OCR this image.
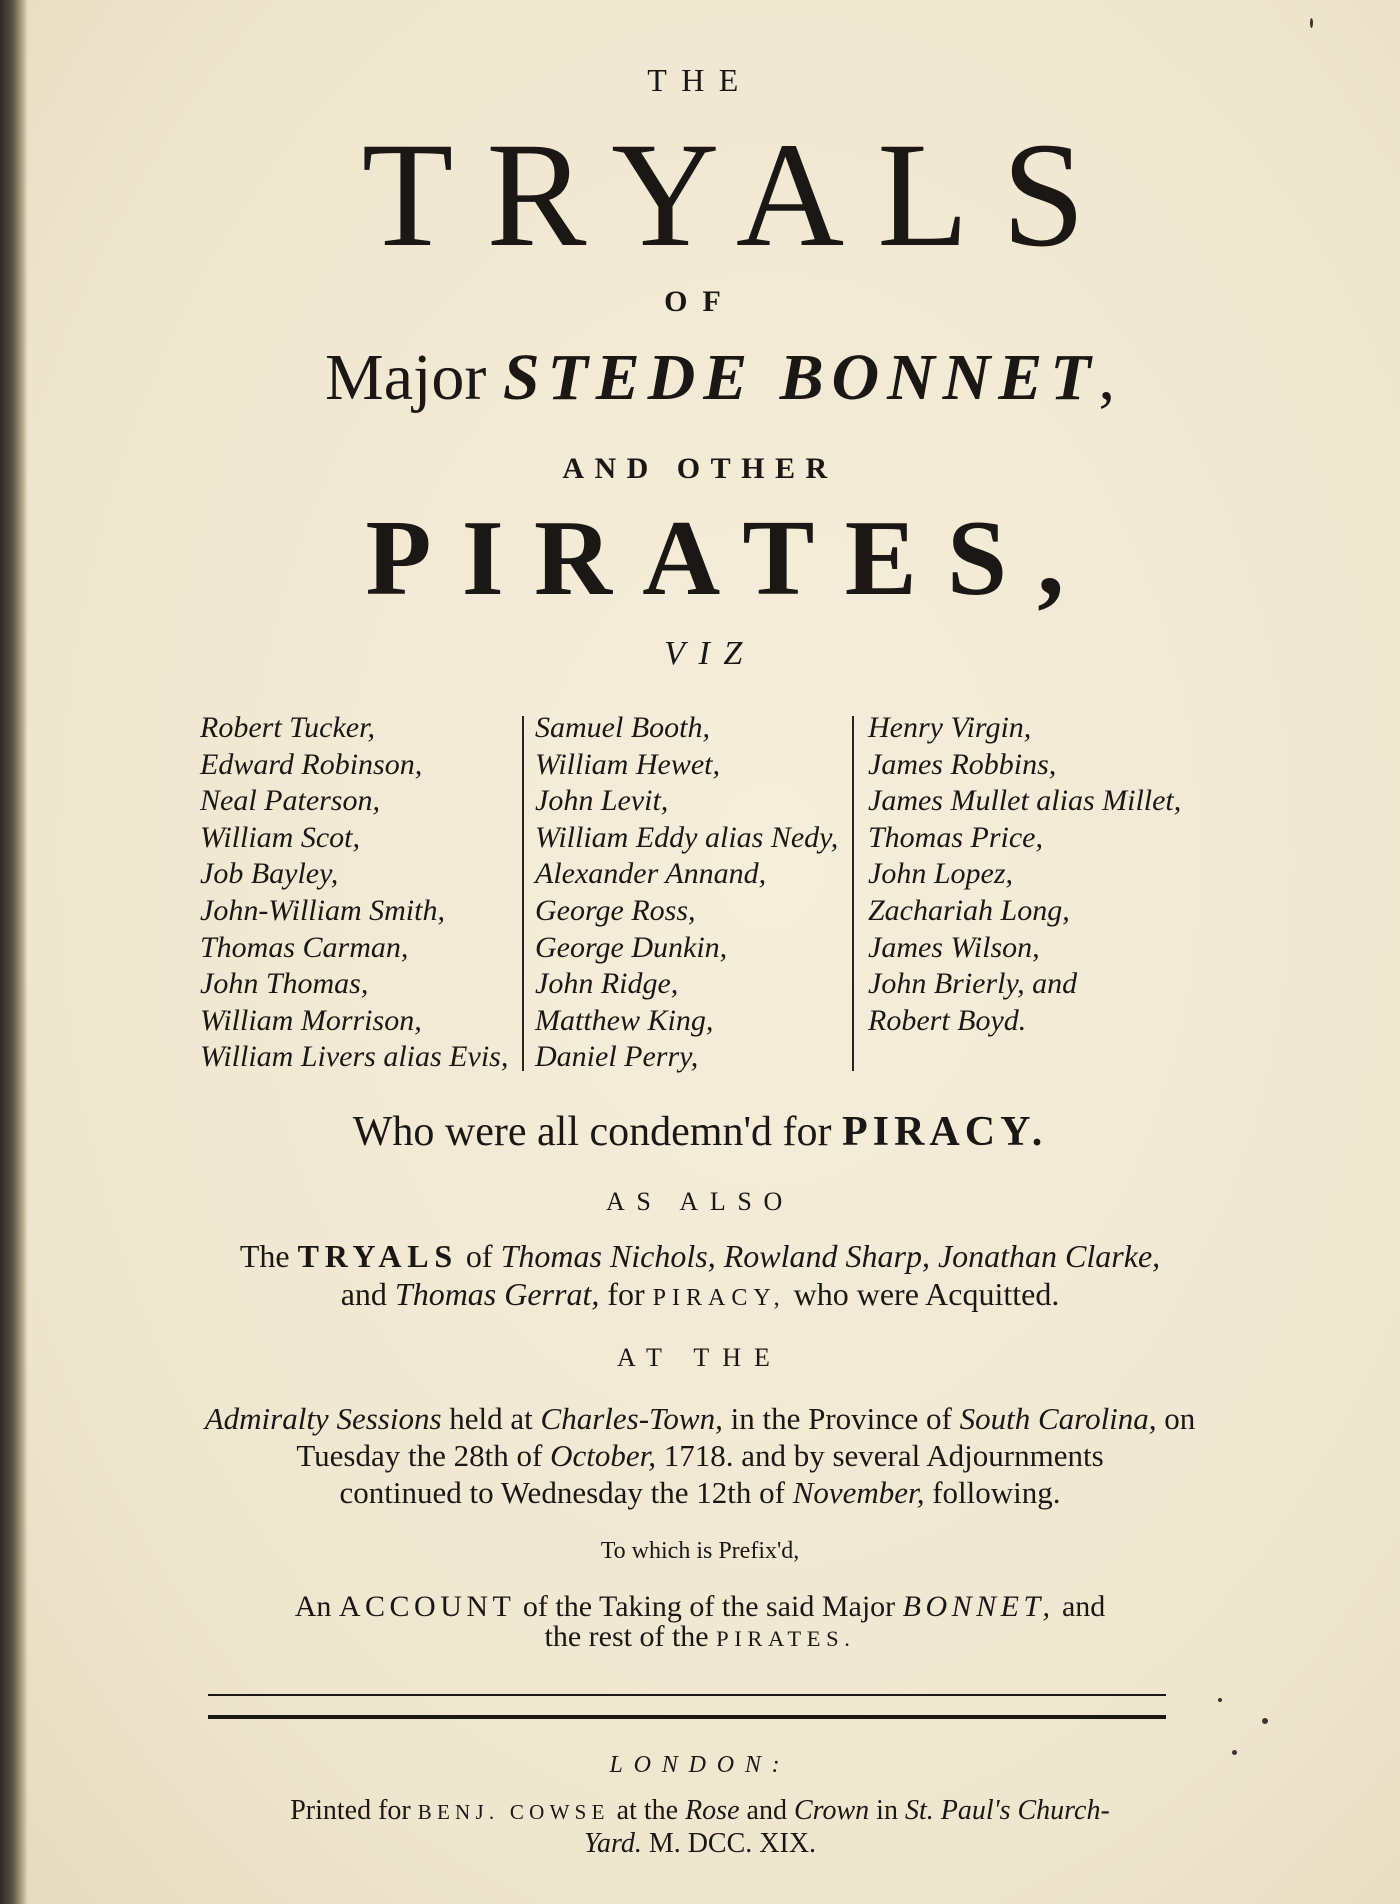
THE
TRYALS
OF
Major STEDE BONNET,
AND OTHER
PIRATES,
VIZ
Robert Tucker,
Edward Robinson,
Neal Paterson,
William Scot,
Job Bayley,
John-William Smith,
Thomas Carman,
John Thomas,
William Morrison,
William Livers alias Evis,
Samuel Booth,
William Hewet,
John Levit,
William Eddy alias Nedy,
Alexander Annand,
George Ross,
George Dunkin,
John Ridge,
Matthew King,
Daniel Perry,
Henry Virgin,
James Robbins,
James Mullet alias Millet,
Thomas Price,
John Lopez,
Zachariah Long,
James Wilson,
John Brierly, and
Robert Boyd.
Who were all condemn'd for PIRACY.
AS ALSO
The TRYALS of Thomas Nichols, Rowland Sharp, Jonathan Clarke,
and Thomas Gerrat, for PIRACY, who were Acquitted.
AT THE
Admiralty Sessions held at Charles-Town, in the Province of South Carolina, on
Tuesday the 28th of October, 1718. and by several Adjournments
continued to Wednesday the 12th of November, following.
To which is Prefix'd,
An ACCOUNT of the Taking of the said Major BONNET, and
the rest of the PIRATES.
LONDON:
Printed for BENJ. COWSE at the Rose and Crown in St. Paul's Church-
Yard. M. DCC. XIX.
